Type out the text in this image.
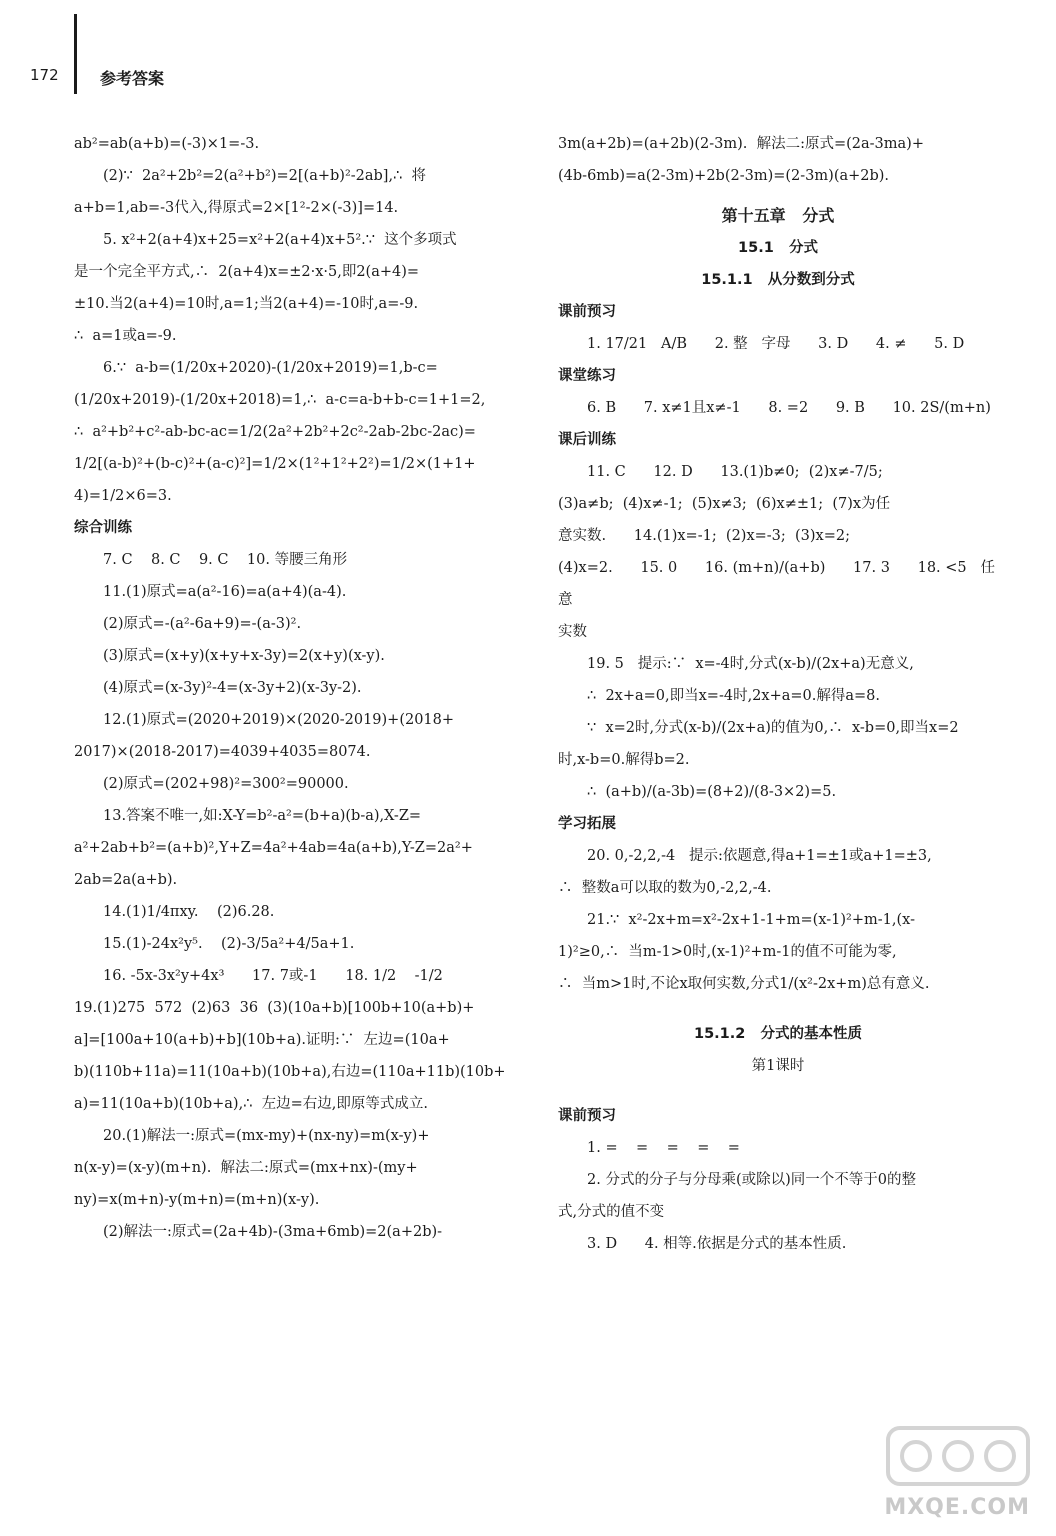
172	参考答案

ab²=ab(a+b)=(-3)×1=-3.

(2)∵  2a²+2b²=2(a²+b²)=2[(a+b)²-2ab],∴  将

a+b=1,ab=-3代入,得原式=2×[1²-2×(-3)]=14.

5. x²+2(a+4)x+25=x²+2(a+4)x+5².∵  这个多项式

是一个完全平方式,∴  2(a+4)x=±2·x·5,即2(a+4)=

±10.当2(a+4)=10时,a=1;当2(a+4)=-10时,a=-9.

∴  a=1或a=-9.

6.∵  a-b=(1/20x+2020)-(1/20x+2019)=1,b-c=

(1/20x+2019)-(1/20x+2018)=1,∴  a-c=a-b+b-c=1+1=2,

∴  a²+b²+c²-ab-bc-ac=1/2(2a²+2b²+2c²-2ab-2bc-2ac)=

1/2[(a-b)²+(b-c)²+(a-c)²]=1/2×(1²+1²+2²)=1/2×(1+1+

4)=1/2×6=3.

综合训练

7. C    8. C    9. C    10. 等腰三角形

11.(1)原式=a(a²-16)=a(a+4)(a-4).

(2)原式=-(a²-6a+9)=-(a-3)².

(3)原式=(x+y)(x+y+x-3y)=2(x+y)(x-y).

(4)原式=(x-3y)²-4=(x-3y+2)(x-3y-2).

12.(1)原式=(2020+2019)×(2020-2019)+(2018+

2017)×(2018-2017)=4039+4035=8074.

(2)原式=(202+98)²=300²=90000.

13.答案不唯一,如:X-Y=b²-a²=(b+a)(b-a),X-Z=

a²+2ab+b²=(a+b)²,Y+Z=4a²+4ab=4a(a+b),Y-Z=2a²+

2ab=2a(a+b).

14.(1)1/4πxy.    (2)6.28.

15.(1)-24x²y⁵.    (2)-3/5a²+4/5a+1.

16. -5x-3x²y+4x³      17. 7或-1      18. 1/2    -1/2

19.(1)275  572  (2)63  36  (3)(10a+b)[100b+10(a+b)+

a]=[100a+10(a+b)+b](10b+a).证明:∵  左边=(10a+

b)(110b+11a)=11(10a+b)(10b+a),右边=(110a+11b)(10b+

a)=11(10a+b)(10b+a),∴  左边=右边,即原等式成立.

20.(1)解法一:原式=(mx-my)+(nx-ny)=m(x-y)+

n(x-y)=(x-y)(m+n).  解法二:原式=(mx+nx)-(my+

ny)=x(m+n)-y(m+n)=(m+n)(x-y).

(2)解法一:原式=(2a+4b)-(3ma+6mb)=2(a+2b)-

3m(a+2b)=(a+2b)(2-3m).  解法二:原式=(2a-3ma)+

(4b-6mb)=a(2-3m)+2b(2-3m)=(2-3m)(a+2b).

第十五章   分式

15.1   分式

15.1.1   从分数到分式

课前预习

1. 17/21   A/B      2. 整   字母      3. D      4. ≠      5. D

课堂练习

6. B      7. x≠1且x≠-1      8. =2      9. B      10. 2S/(m+n)

课后训练

11. C      12. D      13.(1)b≠0;  (2)x≠-7/5;

(3)a≠b;  (4)x≠-1;  (5)x≠3;  (6)x≠±1;  (7)x为任

意实数.      14.(1)x=-1;  (2)x=-3;  (3)x=2;

(4)x=2.      15. 0      16. (m+n)/(a+b)      17. 3      18. <5   任意

实数

19. 5   提示:∵  x=-4时,分式(x-b)/(2x+a)无意义,

∴  2x+a=0,即当x=-4时,2x+a=0.解得a=8.

∵  x=2时,分式(x-b)/(2x+a)的值为0,∴  x-b=0,即当x=2

时,x-b=0.解得b=2.

∴  (a+b)/(a-3b)=(8+2)/(8-3×2)=5.

学习拓展

20. 0,-2,2,-4   提示:依题意,得a+1=±1或a+1=±3,

∴  整数a可以取的数为0,-2,2,-4.

21.∵  x²-2x+m=x²-2x+1-1+m=(x-1)²+m-1,(x-

1)²≥0,∴  当m-1>0时,(x-1)²+m-1的值不可能为零,

∴  当m>1时,不论x取何实数,分式1/(x²-2x+m)总有意义.

15.1.2   分式的基本性质

第1课时

课前预习

1. =    =    =    =    =

2. 分式的分子与分母乘(或除以)同一个不等于0的整

式,分式的值不变

3. D      4. 相等.依据是分式的基本性质.

MXQE.COM
